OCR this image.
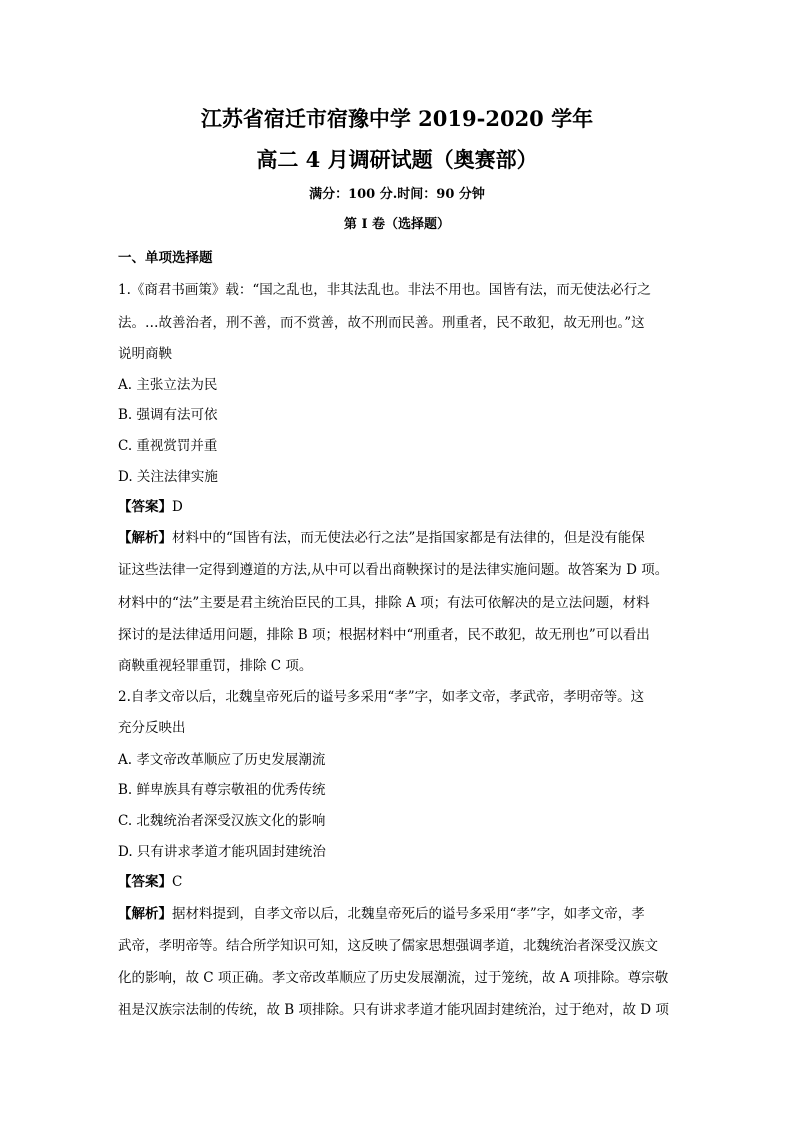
江苏省宿迁市宿豫中学 2019-2020 学年
高二 4 月调研试题（奥赛部）
满分：100 分.时间：90 分钟
第 I 卷（选择题）
一、单项选择题
1.《商君书画策》载：“国之乱也，非其法乱也。非法不用也。国皆有法，而无使法必行之
法。…故善治者，刑不善，而不赏善，故不刑而民善。刑重者，民不敢犯，故无刑也。”这
说明商鞅
A. 主张立法为民
B. 强调有法可依
C. 重视赏罚并重
D. 关注法律实施
【答案】D
【解析】材料中的“国皆有法，而无使法必行之法”是指国家都是有法律的，但是没有能保
证这些法律一定得到遵道的方法,从中可以看出商鞅探讨的是法律实施问题。故答案为 D 项。
材料中的“法”主要是君主统治臣民的工具，排除 A 项；有法可依解决的是立法问题，材料
探讨的是法律适用问题，排除 B 项；根据材料中“刑重者，民不敢犯，故无刑也”可以看出
商鞅重视轻罪重罚，排除 C 项。
2.自孝文帝以后，北魏皇帝死后的谥号多采用“孝”字，如孝文帝，孝武帝，孝明帝等。这
充分反映出
A. 孝文帝改革顺应了历史发展潮流
B. 鲜卑族具有尊宗敬祖的优秀传统
C. 北魏统治者深受汉族文化的影响
D. 只有讲求孝道才能巩固封建统治
【答案】C
【解析】据材料提到，自孝文帝以后，北魏皇帝死后的谥号多采用“孝”字，如孝文帝，孝
武帝，孝明帝等。结合所学知识可知，这反映了儒家思想强调孝道，北魏统治者深受汉族文
化的影响，故 C 项正确。孝文帝改革顺应了历史发展潮流，过于笼统，故 A 项排除。尊宗敬
祖是汉族宗法制的传统，故 B 项排除。只有讲求孝道才能巩固封建统治，过于绝对，故 D 项
